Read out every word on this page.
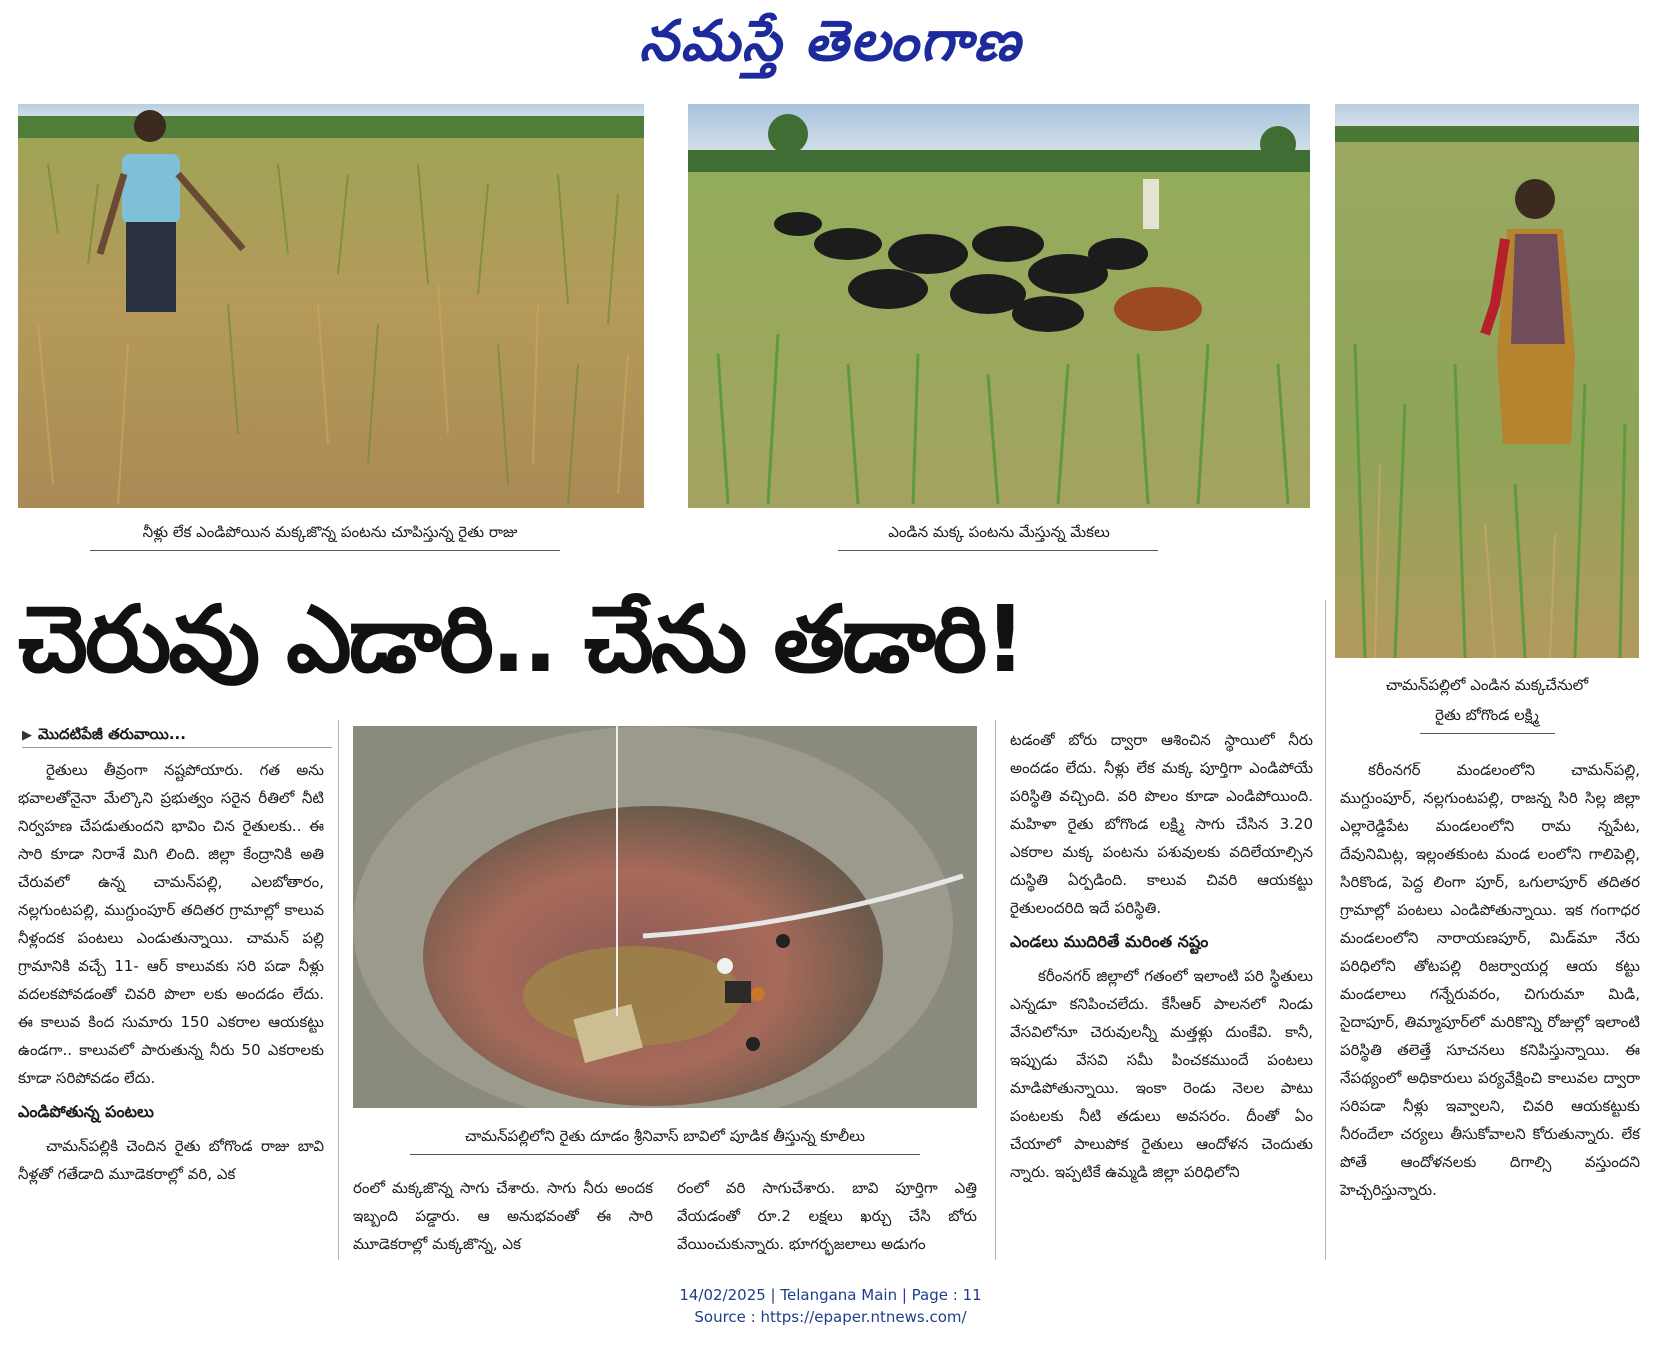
నమస్తే తెలంగాణ
నీళ్లు లేక ఎండిపోయిన మక్కజొన్న పంటను చూపిస్తున్న రైతు రాజు	ఎండిన మక్క పంటను మేస్తున్న మేకలు
చామన్‌పల్లిలో ఎండిన మక్కచేనులో
రైతు బోగొండ లక్ష్మి
చెరువు ఎడారి.. చేను తడారి!
▶ మొదటిపేజీ తరువాయి...

రైతులు తీవ్రంగా నష్టపోయారు. గత అను భవాలతోనైనా మేల్కొని ప్రభుత్వం సరైన రీతిలో నీటి నిర్వహణ చేపడుతుందని భావిం చిన రైతులకు.. ఈ సారి కూడా నిరాశే మిగి లింది. జిల్లా కేంద్రానికి అతి చేరువలో ఉన్న చామన్‌పల్లి, ఎలబోతారం, నల్లగుంటపల్లి, ముగ్దుంపూర్‌ తదితర గ్రామాల్లో కాలువ నీళ్లందక పంటలు ఎండుతున్నాయి. చామన్ పల్లి గ్రామానికి వచ్చే 11- ఆర్‌ కాలువకు సరి పడా నీళ్లు వదలకపోవడంతో చివరి పొలా లకు అందడం లేదు. ఈ కాలువ కింద సుమారు 150 ఎకరాల ఆయకట్టు ఉండగా.. కాలువలో పారుతున్న నీరు 50 ఎకరాలకు కూడా సరిపోవడం లేదు.

ఎండిపోతున్న పంటలు

చామన్‌పల్లికి చెందిన రైతు బోగొండ రాజు బావి నీళ్లతో గతేడాది మూడెకరాల్లో వరి, ఎక

చామన్‌పల్లిలోని రైతు దూడం శ్రీనివాస్‌ బావిలో పూడిక తీస్తున్న కూలీలు

రంలో మక్కజొన్న సాగు చేశారు. సాగు నీరు అందక ఇబ్బంది పడ్డారు. ఆ అనుభవంతో ఈ సారి మూడెకరాల్లో మక్కజొన్న, ఎక

రంలో వరి సాగుచేశారు. బావి పూర్తిగా ఎత్తి వేయడంతో రూ.2 లక్షలు ఖర్చు చేసి బోరు వేయించుకున్నారు. భూగర్భజలాలు అడుగం

టడంతో బోరు ద్వారా ఆశించిన స్థాయిలో నీరు అందడం లేదు. నీళ్లు లేక మక్క పూర్తిగా ఎండిపోయే పరిస్థితి వచ్చింది. వరి పొలం కూడా ఎండిపోయింది. మహిళా రైతు బోగొండ లక్ష్మి సాగు చేసిన 3.20 ఎకరాల మక్క పంటను పశువులకు వదిలేయాల్సిన దుస్థితి ఏర్పడింది. కాలువ చివరి ఆయకట్టు రైతులందరిది ఇదే పరిస్థితి.

ఎండలు ముదిరితే మరింత నష్టం

కరీంనగర్‌ జిల్లాలో గతంలో ఇలాంటి పరి స్థితులు ఎన్నడూ కనిపించలేదు. కేసీఆర్‌ పాలనలో నిండు వేసవిలోనూ చెరువులన్నీ మత్తళ్లు దుంకేవి. కానీ, ఇప్పుడు వేసవి సమీ పించకముందే పంటలు మాడిపోతున్నాయి. ఇంకా రెండు నెలల పాటు పంటలకు నీటి తడులు అవసరం. దీంతో ఏం చేయాలో పాలుపోక రైతులు ఆందోళన చెందుతు న్నారు. ఇప్పటికే ఉమ్మడి జిల్లా పరిధిలోని

కరీంనగర్‌ మండలంలోని చామన్‌పల్లి, ముగ్దుంపూర్‌, నల్లగుంటపల్లి, రాజన్న సిరి సిల్ల జిల్లా ఎల్లారెడ్డిపేట మండలంలోని రామ న్నపేట, దేవునిమిట్ల, ఇల్లంతకుంట మండ లంలోని గాలిపెల్లి, సిరికొండ, పెద్ద లింగా పూర్‌, ఒగులాపూర్‌ తదితర గ్రామాల్లో పంటలు ఎండిపోతున్నాయి. ఇక గంగాధర మండలంలోని నారాయణపూర్‌, మిడ్‌మా నేరు పరిధిలోని తోటపల్లి రిజర్వాయర్ల ఆయ కట్టు మండలాలు గన్నేరువరం, చిగురుమా మిడి, సైదాపూర్‌, తిమ్మాపూర్‌లో మరికొన్ని రోజుల్లో ఇలాంటి పరిస్థితి తలెత్తే సూచనలు కనిపిస్తున్నాయి. ఈ నేపథ్యంలో అధికారులు పర్యవేక్షించి కాలువల ద్వారా సరిపడా నీళ్లు ఇవ్వాలని, చివరి ఆయకట్టుకు నీరందేలా చర్యలు తీసుకోవాలని కోరుతున్నారు. లేక పోతే ఆందోళనలకు దిగాల్సి వస్తుందని హెచ్చరిస్తున్నారు.

14/02/2025 | Telangana Main | Page : 11
Source : https://epaper.ntnews.com/
